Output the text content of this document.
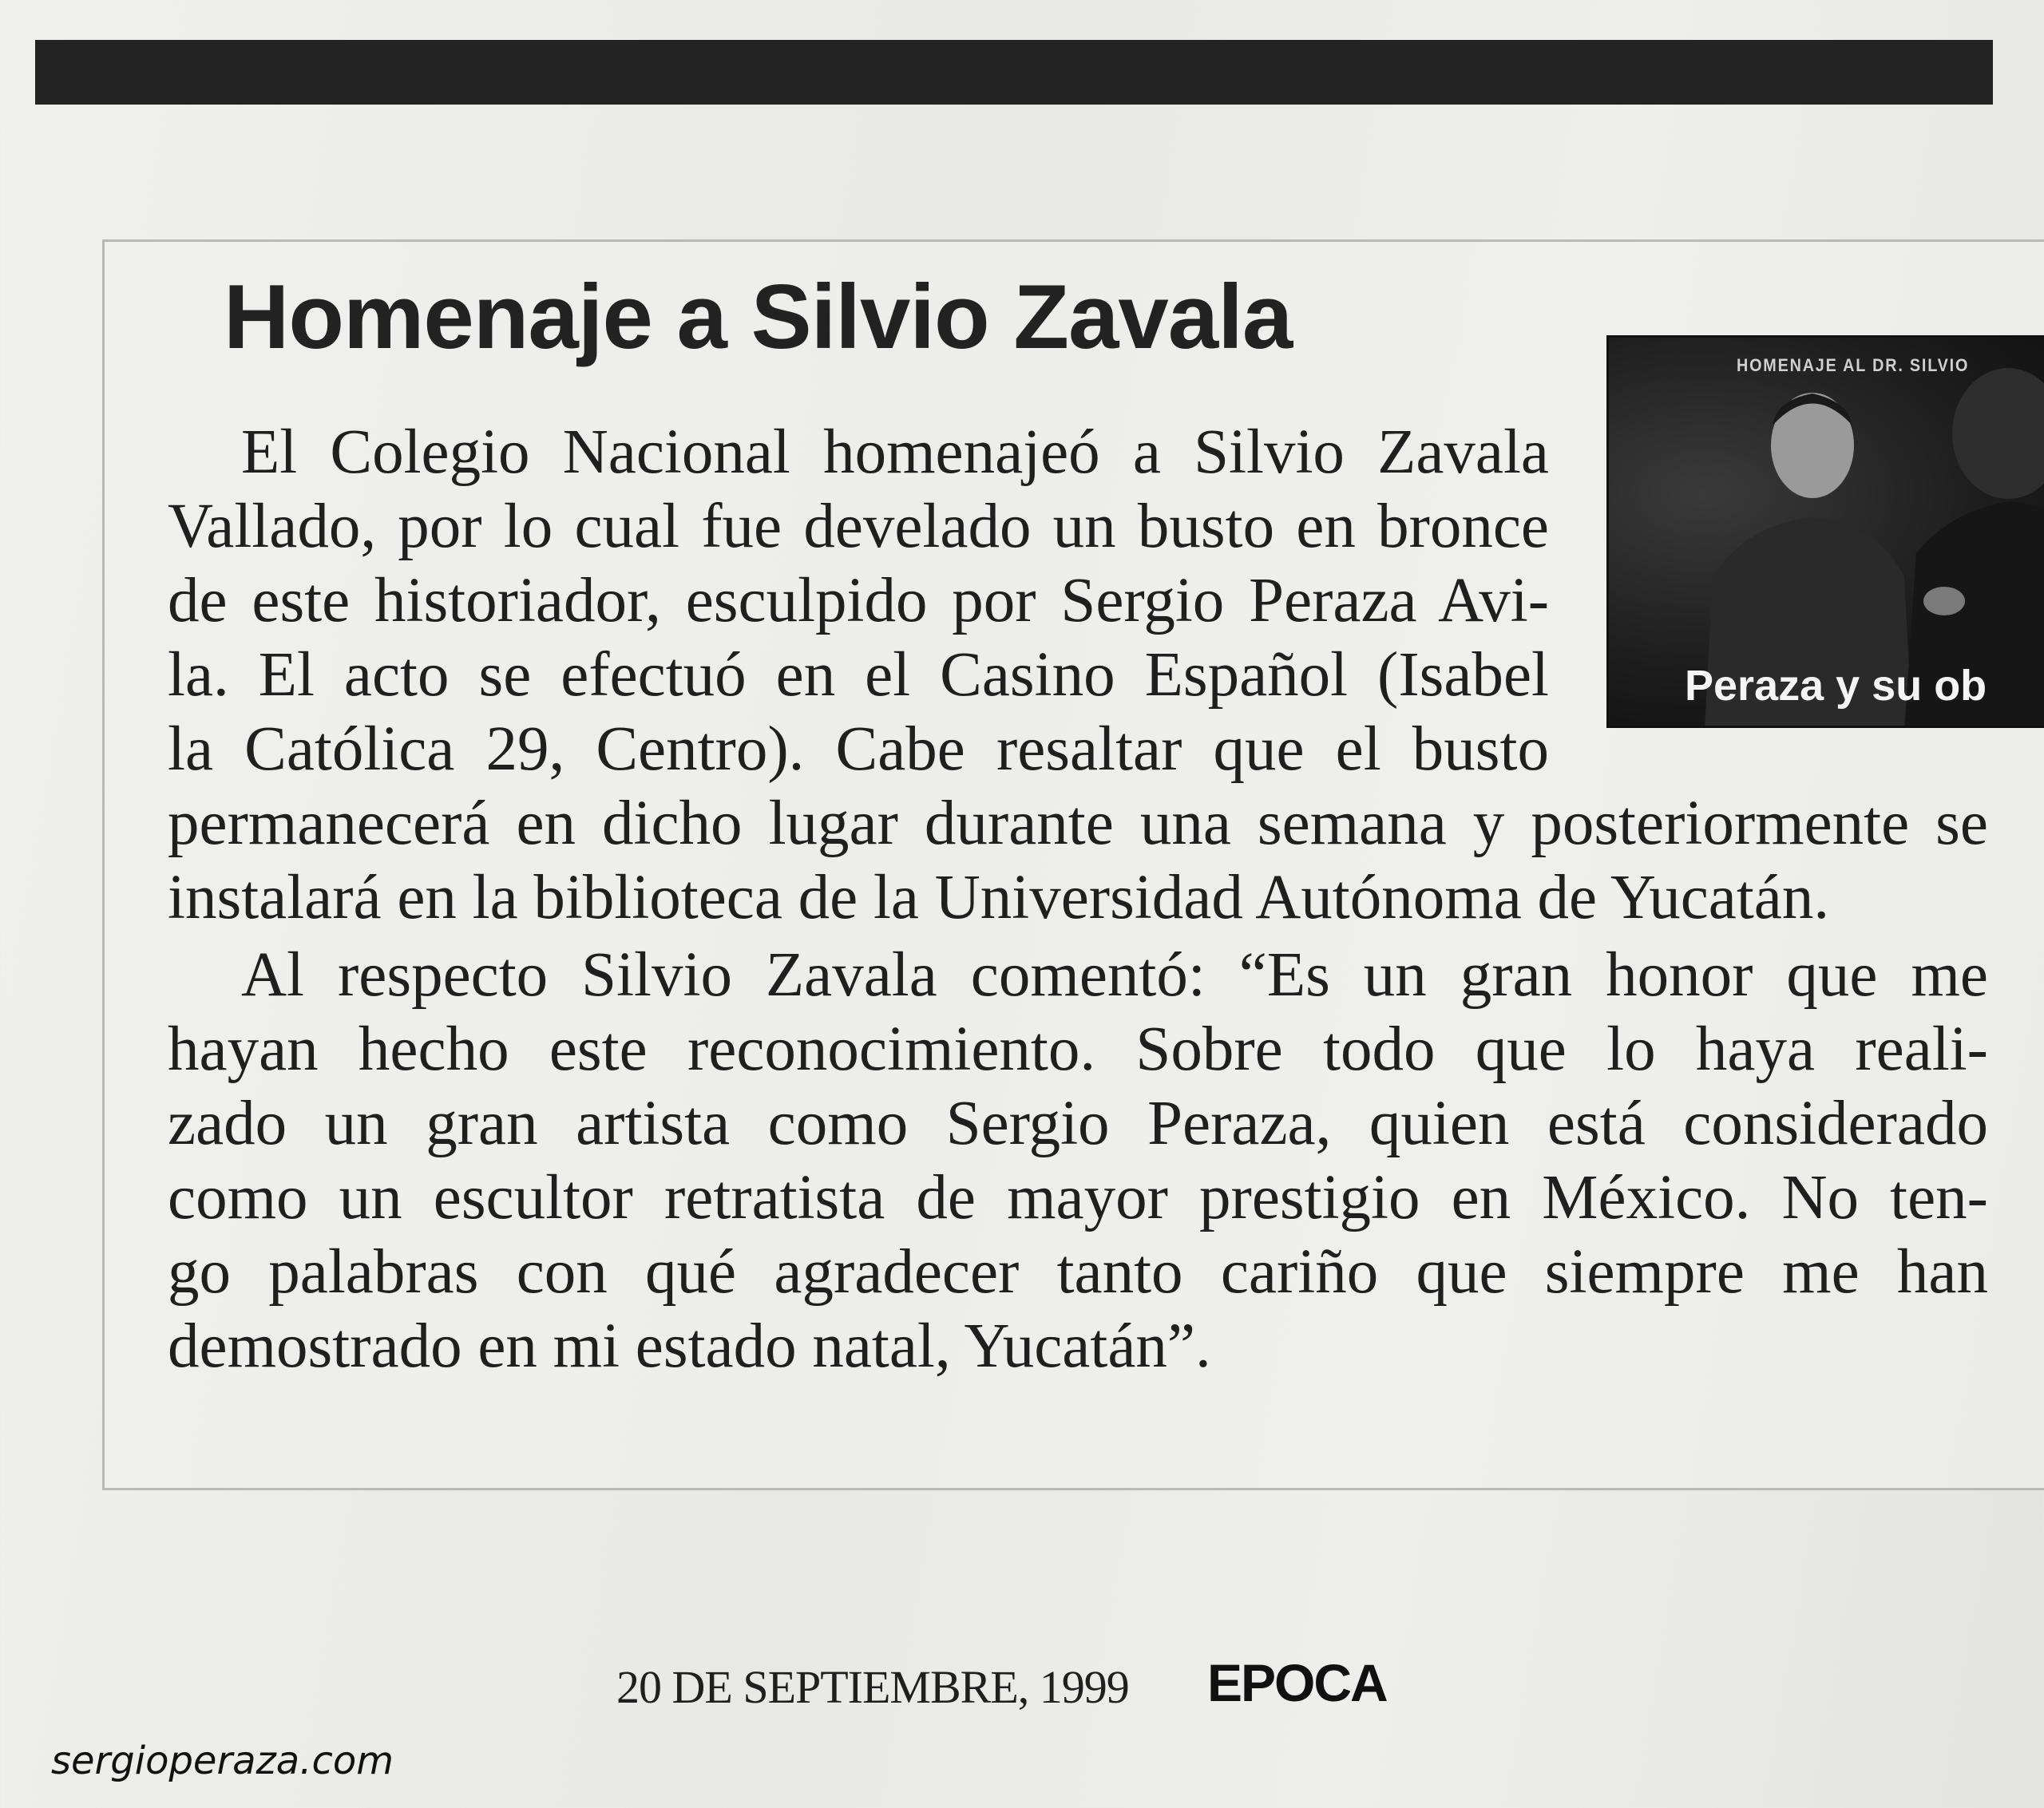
Homenaje a Silvio Zavala	HOMENAJE AL DR. SILVIO
Peraza y su ob
El Colegio Nacional homenajeó a Silvio Zavala
Vallado, por lo cual fue develado un busto en bronce
de este historiador, esculpido por Sergio Peraza Avi-
la. El acto se efectuó en el Casino Español (Isabel
la Católica 29, Centro). Cabe resaltar que el busto
permanecerá en dicho lugar durante una semana y posteriormente se
instalará en la biblioteca de la Universidad Autónoma de Yucatán.
Al respecto Silvio Zavala comentó: “Es un gran honor que me
hayan hecho este reconocimiento. Sobre todo que lo haya reali-
zado un gran artista como Sergio Peraza, quien está considerado
como un escultor retratista de mayor prestigio en México. No ten-
go palabras con qué agradecer tanto cariño que siempre me han
demostrado en mi estado natal, Yucatán”.
20 DE SEPTIEMBRE, 1999 EPOCA
sergioperaza.com
